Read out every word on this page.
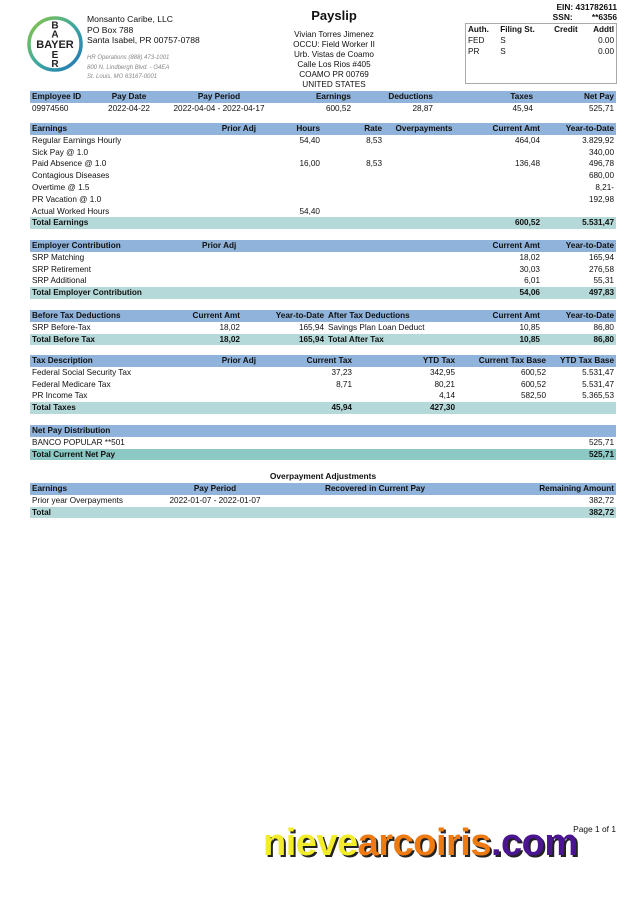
BAYER
B
A
E
R
Monsanto Caribe, LLC
PO Box 788
Santa Isabel, PR 00757-0788
HR Operations (888) 473-1001
800 N. Lindbergh Blvd. - G4EA
St. Louis, MO 63167-0001
Payslip
Vivian Torres Jimenez
OCCU: Field Worker II
Urb. Vistas de Coamo
Calle Los Rios #405
COAMO PR 00769
UNITED STATES
EIN: 431782611
SSN: **6356
Auth.	Filing St.	Credit	Addtl
FED	S		0.00
PR	S		0.00
Employee ID	Pay Date	Pay Period	Earnings	Deductions	Taxes	Net Pay
09974560	2022-04-22	2022-04-04 - 2022-04-17	600,52	28,87	45,94	525,71
Earnings	Prior Adj	Hours	Rate	Overpayments	Current Amt	Year-to-Date
Regular Earnings Hourly		54,40	8,53		464,04	3.829,92
Sick Pay @ 1.0						340,00
Paid Absence @ 1.0		16,00	8,53		136,48	496,78
Contagious Diseases						680,00
Overtime @ 1.5						8,21-
PR Vacation @ 1.0						192,98
Actual Worked Hours		54,40				
Total Earnings					600,52	5.531,47
Employer Contribution	Prior Adj	Current Amt	Year-to-Date
SRP Matching		18,02	165,94
SRP Retirement		30,03	276,58
SRP Additional		6,01	55,31
Total Employer Contribution		54,06	497,83
Before Tax Deductions	Current Amt	Year-to-Date	After Tax Deductions	Current Amt	Year-to-Date
SRP Before-Tax	18,02	165,94	Savings Plan Loan Deduct	10,85	86,80
Total Before Tax	18,02	165,94	Total After Tax	10,85	86,80
Tax Description	Prior Adj	Current Tax	YTD Tax	Current Tax Base	YTD Tax Base
Federal Social Security Tax		37,23	342,95	600,52	5.531,47
Federal Medicare Tax		8,71	80,21	600,52	5.531,47
PR Income Tax			4,14	582,50	5.365,53
Total Taxes		45,94	427,30		
Net Pay Distribution	
BANCO POPULAR **501	525,71
Total Current Net Pay	525,71
Overpayment Adjustments
Earnings	Pay Period	Recovered in Current Pay	Remaining Amount
Prior year Overpayments	2022-01-07 - 2022-01-07		382,72
Total			382,72
Page 1 of 1
nievearcoiris.com
